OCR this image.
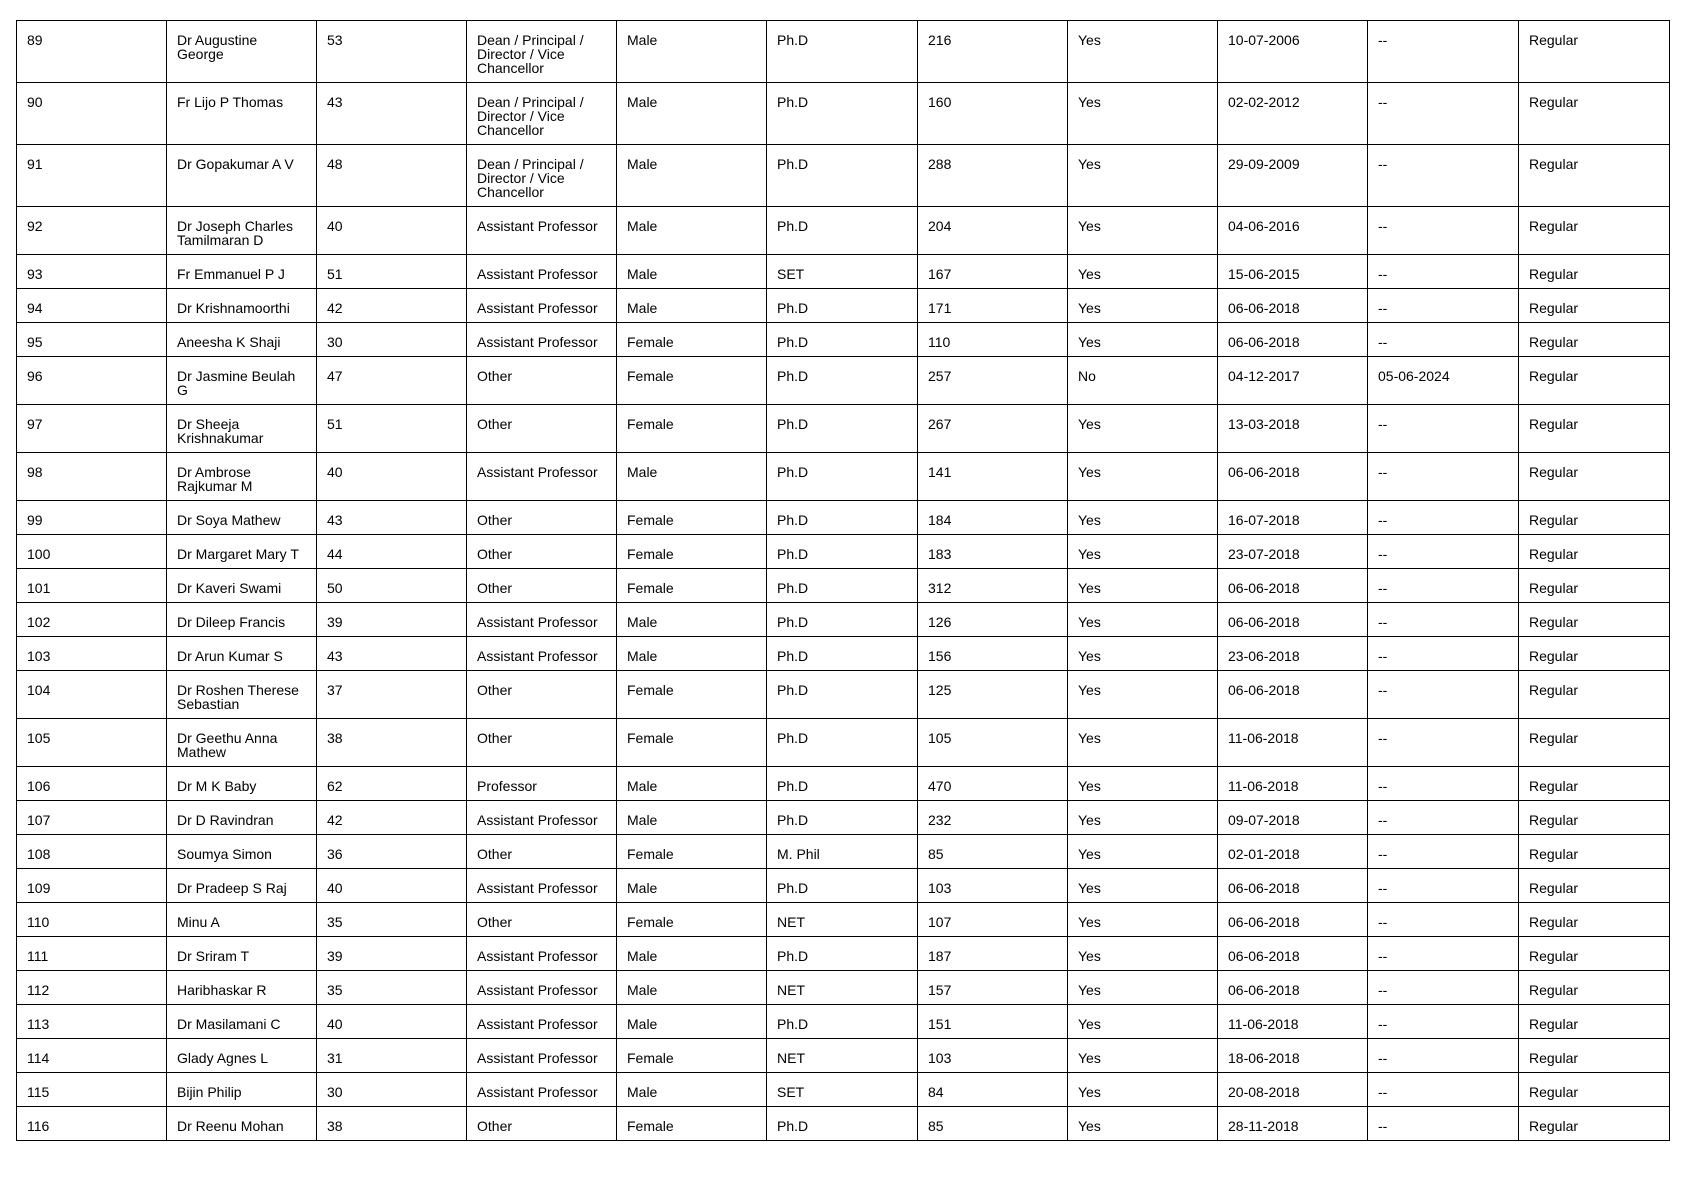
89	Dr Augustine George	53	Dean / Principal / Director / Vice Chancellor	Male	Ph.D	216	Yes	10-07-2006	--	Regular
90	Fr Lijo P Thomas	43	Dean / Principal / Director / Vice Chancellor	Male	Ph.D	160	Yes	02-02-2012	--	Regular
91	Dr Gopakumar A V	48	Dean / Principal / Director / Vice Chancellor	Male	Ph.D	288	Yes	29-09-2009	--	Regular
92	Dr Joseph Charles Tamilmaran D	40	Assistant Professor	Male	Ph.D	204	Yes	04-06-2016	--	Regular
93	Fr Emmanuel P J	51	Assistant Professor	Male	SET	167	Yes	15-06-2015	--	Regular
94	Dr Krishnamoorthi	42	Assistant Professor	Male	Ph.D	171	Yes	06-06-2018	--	Regular
95	Aneesha K Shaji	30	Assistant Professor	Female	Ph.D	110	Yes	06-06-2018	--	Regular
96	Dr Jasmine Beulah G	47	Other	Female	Ph.D	257	No	04-12-2017	05-06-2024	Regular
97	Dr Sheeja Krishnakumar	51	Other	Female	Ph.D	267	Yes	13-03-2018	--	Regular
98	Dr Ambrose Rajkumar M	40	Assistant Professor	Male	Ph.D	141	Yes	06-06-2018	--	Regular
99	Dr Soya Mathew	43	Other	Female	Ph.D	184	Yes	16-07-2018	--	Regular
100	Dr Margaret Mary T	44	Other	Female	Ph.D	183	Yes	23-07-2018	--	Regular
101	Dr Kaveri Swami	50	Other	Female	Ph.D	312	Yes	06-06-2018	--	Regular
102	Dr Dileep Francis	39	Assistant Professor	Male	Ph.D	126	Yes	06-06-2018	--	Regular
103	Dr Arun Kumar S	43	Assistant Professor	Male	Ph.D	156	Yes	23-06-2018	--	Regular
104	Dr Roshen Therese Sebastian	37	Other	Female	Ph.D	125	Yes	06-06-2018	--	Regular
105	Dr Geethu Anna Mathew	38	Other	Female	Ph.D	105	Yes	11-06-2018	--	Regular
106	Dr M K Baby	62	Professor	Male	Ph.D	470	Yes	11-06-2018	--	Regular
107	Dr D Ravindran	42	Assistant Professor	Male	Ph.D	232	Yes	09-07-2018	--	Regular
108	Soumya Simon	36	Other	Female	M. Phil	85	Yes	02-01-2018	--	Regular
109	Dr Pradeep S Raj	40	Assistant Professor	Male	Ph.D	103	Yes	06-06-2018	--	Regular
110	Minu A	35	Other	Female	NET	107	Yes	06-06-2018	--	Regular
111	Dr Sriram T	39	Assistant Professor	Male	Ph.D	187	Yes	06-06-2018	--	Regular
112	Haribhaskar R	35	Assistant Professor	Male	NET	157	Yes	06-06-2018	--	Regular
113	Dr Masilamani C	40	Assistant Professor	Male	Ph.D	151	Yes	11-06-2018	--	Regular
114	Glady Agnes L	31	Assistant Professor	Female	NET	103	Yes	18-06-2018	--	Regular
115	Bijin Philip	30	Assistant Professor	Male	SET	84	Yes	20-08-2018	--	Regular
116	Dr Reenu Mohan	38	Other	Female	Ph.D	85	Yes	28-11-2018	--	Regular
